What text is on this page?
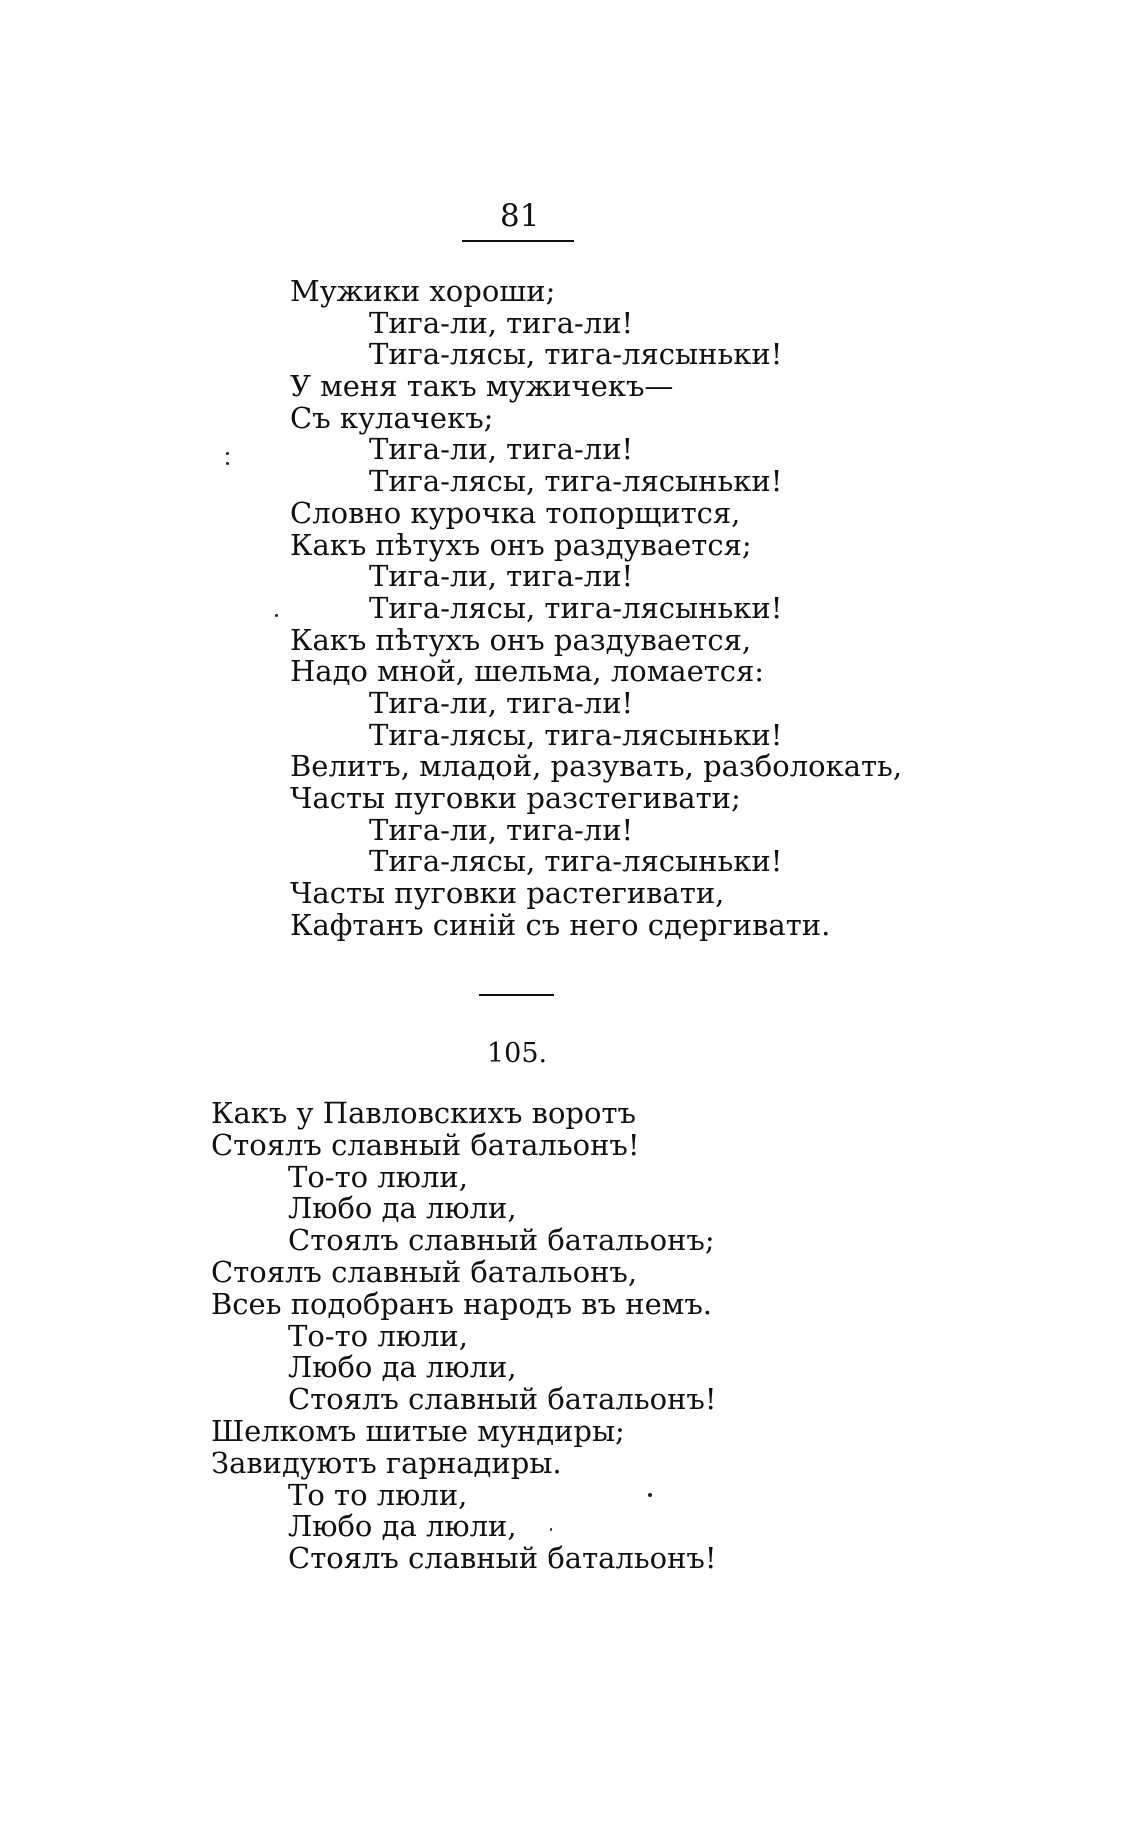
81
Мужики хороши;
Тига-ли, тига-ли!
Тига-лясы, тига-лясыньки!
У меня такъ мужичекъ—
Съ кулачекъ;
Тига-ли, тига-ли!
Тига-лясы, тига-лясыньки!
Словно курочка топорщится,
Какъ пѣтухъ онъ раздувается;
Тига-ли, тига-ли!
Тига-лясы, тига-лясыньки!
Какъ пѣтухъ онъ раздувается,
Надо мной, шельма, ломается:
Тига-ли, тига-ли!
Тига-лясы, тига-лясыньки!
Велитъ, младой, разувать, разболокать,
Часты пуговки разстегивати;
Тига-ли, тига-ли!
Тига-лясы, тига-лясыньки!
Часты пуговки растегивати,
Кафтанъ синій съ него сдергивати.
105.
Какъ у Павловскихъ воротъ
Стоялъ славный батальонъ!
То-то люли,
Любо да люли,
Стоялъ славный батальонъ;
Стоялъ славный батальонъ,
Всеь подобранъ народъ въ немъ.
То-то люли,
Любо да люли,
Стоялъ славный батальонъ!
Шелкомъ шитые мундиры;
Завидуютъ гарнадиры.
То то люли,
Любо да люли,
Стоялъ славный батальонъ!
